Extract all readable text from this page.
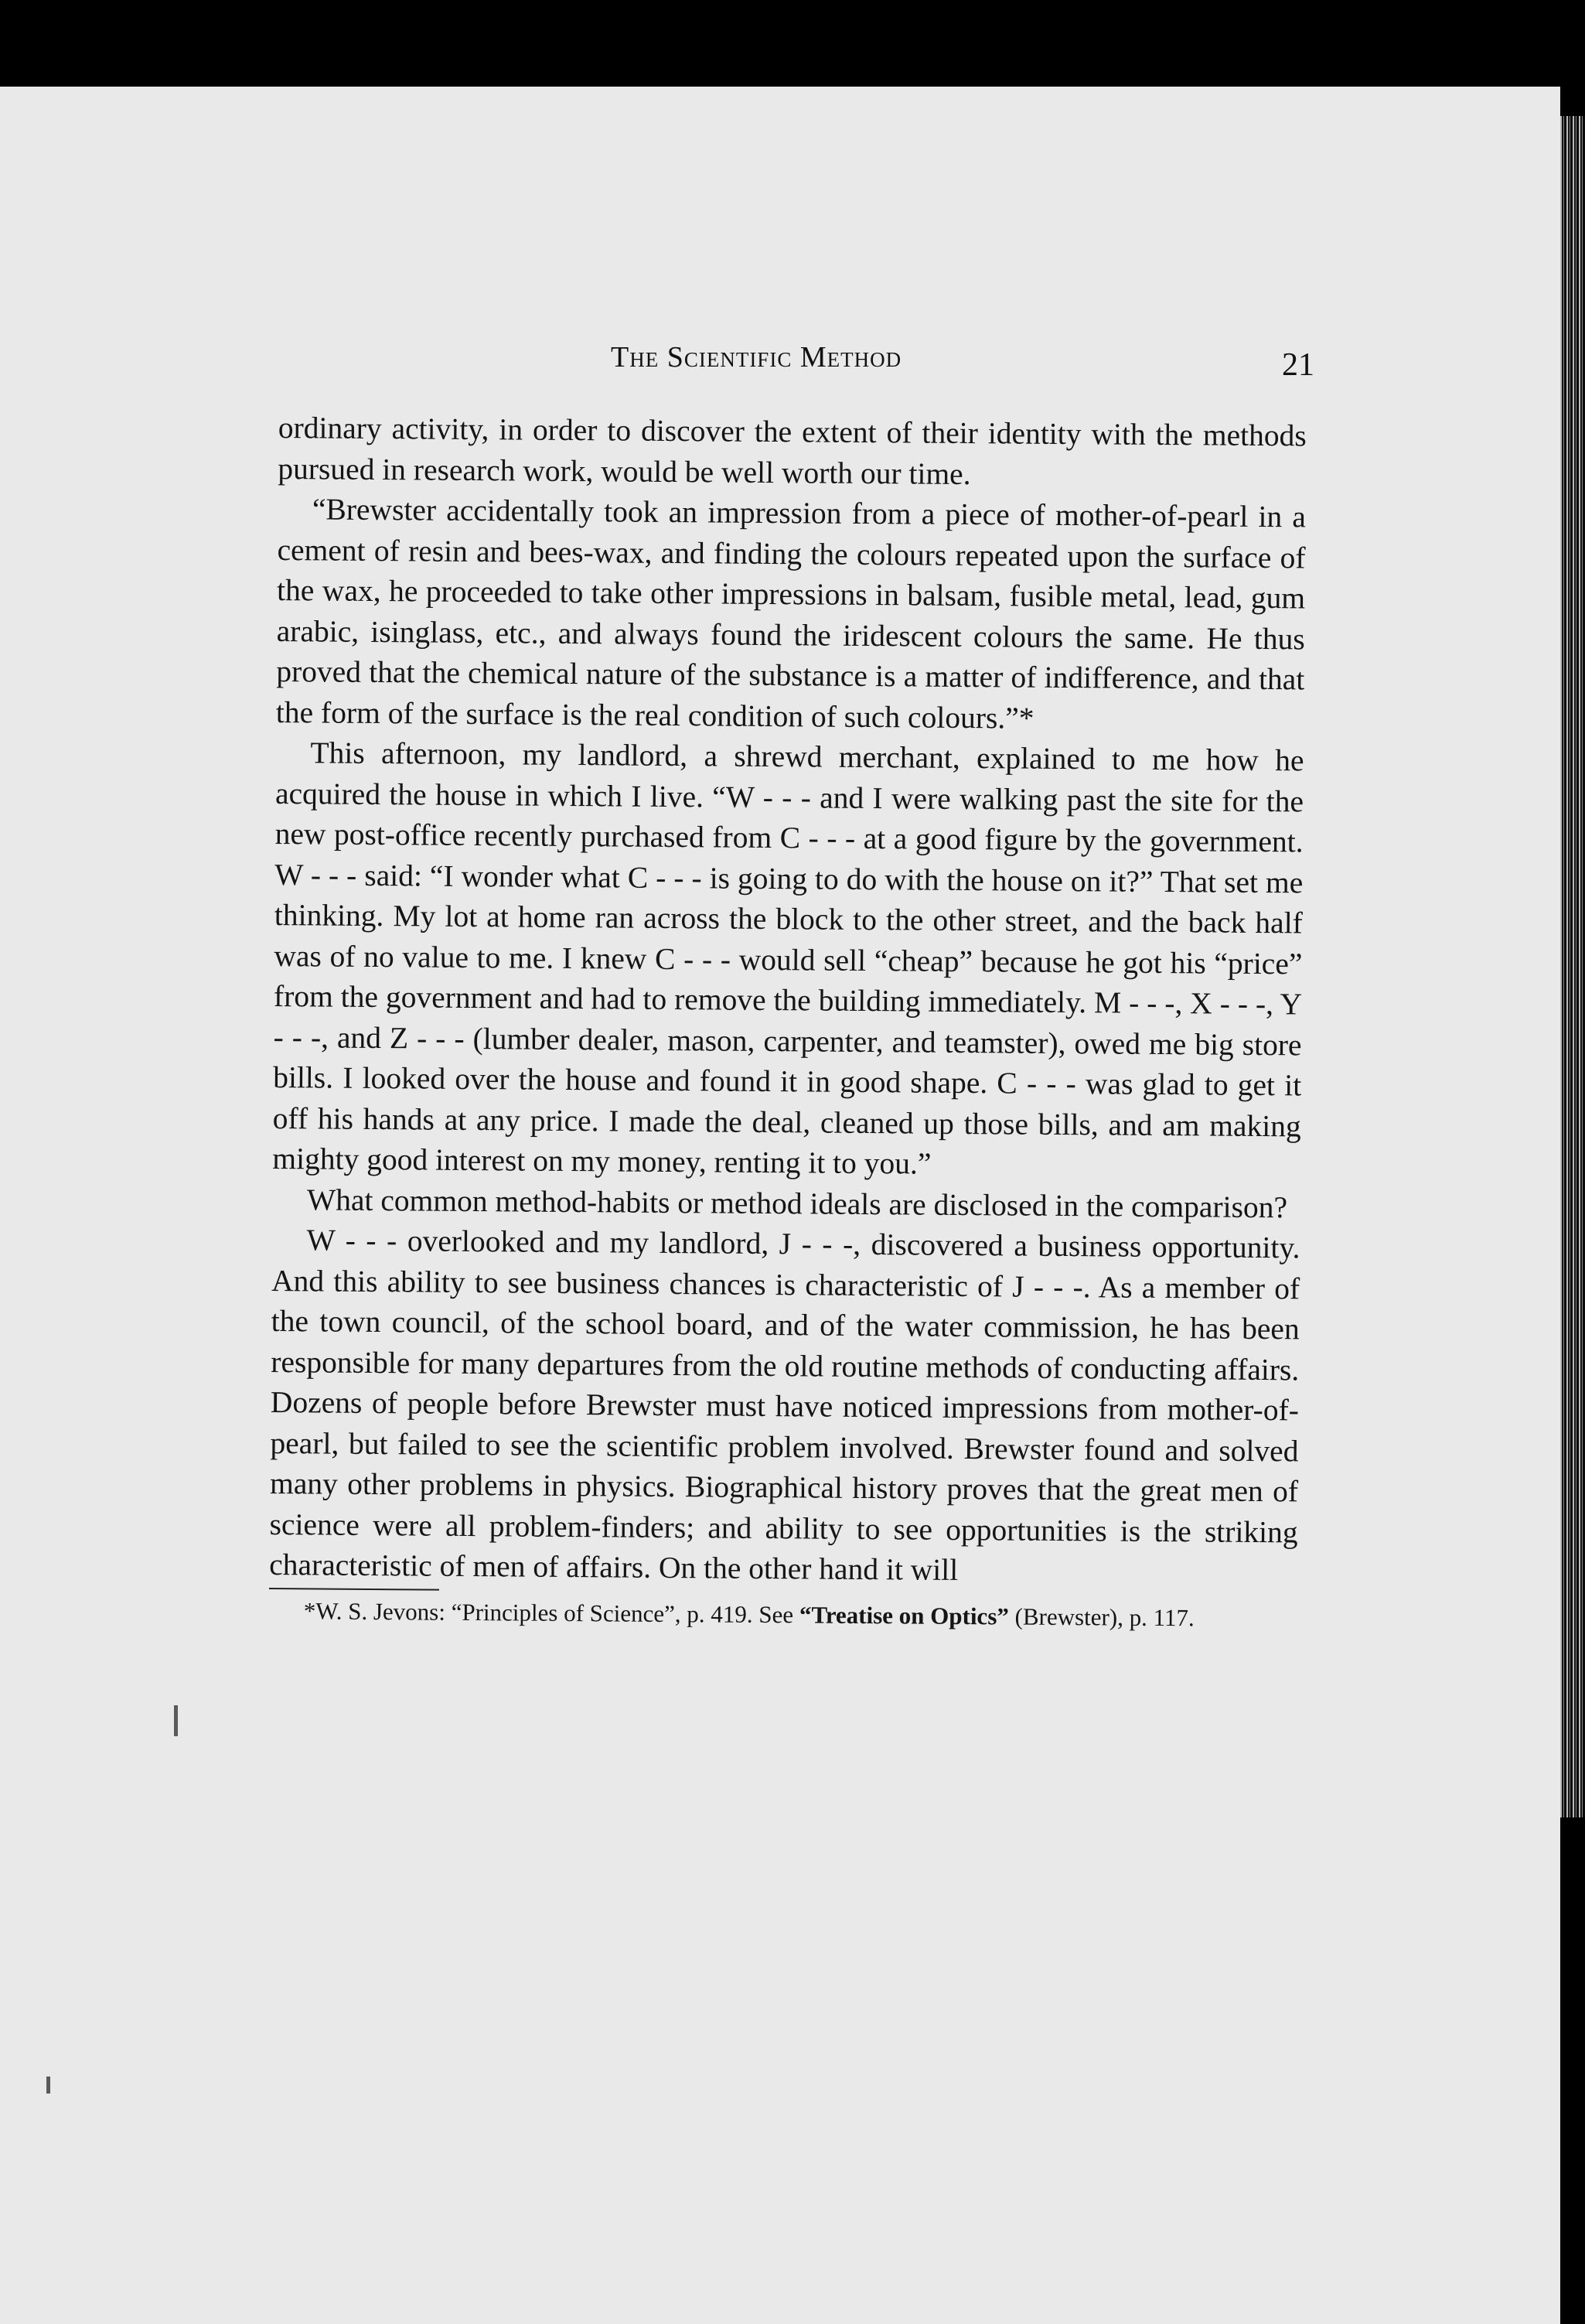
The Scientific Method	21

ordinary activity, in order to discover the extent of their identity with the methods pursued in research work, would be well worth our time.

“Brewster accidentally took an impression from a piece of mother-of-pearl in a cement of resin and bees-wax, and finding the colours repeated upon the surface of the wax, he proceeded to take other impressions in balsam, fusible metal, lead, gum arabic, isinglass, etc., and always found the iridescent colours the same. He thus proved that the chemical nature of the substance is a matter of indifference, and that the form of the surface is the real condition of such colours.”*

This afternoon, my landlord, a shrewd merchant, explained to me how he acquired the house in which I live. “W - - - and I were walking past the site for the new post-office recently purchased from C - - - at a good figure by the government. W - - - said: “I wonder what C - - - is going to do with the house on it?” That set me thinking. My lot at home ran across the block to the other street, and the back half was of no value to me. I knew C - - - would sell “cheap” because he got his “price” from the government and had to remove the building immediately. M - - -, X - - -, Y - - -, and Z - - - (lumber dealer, mason, carpenter, and teamster), owed me big store bills. I looked over the house and found it in good shape. C - - - was glad to get it off his hands at any price. I made the deal, cleaned up those bills, and am making mighty good interest on my money, renting it to you.”

What common method-habits or method ideals are disclosed in the comparison?

W - - - overlooked and my landlord, J - - -, discovered a business opportunity. And this ability to see business chances is characteristic of J - - -. As a member of the town council, of the school board, and of the water commission, he has been responsible for many departures from the old routine methods of conducting affairs. Dozens of people before Brewster must have noticed impressions from mother-of-pearl, but failed to see the scientific problem involved. Brewster found and solved many other problems in physics. Biographical history proves that the great men of science were all problem-finders; and ability to see opportunities is the striking characteristic of men of affairs. On the other hand it will

*W. S. Jevons: “Principles of Science”, p. 419. See “Treatise on Optics” (Brewster), p. 117.
